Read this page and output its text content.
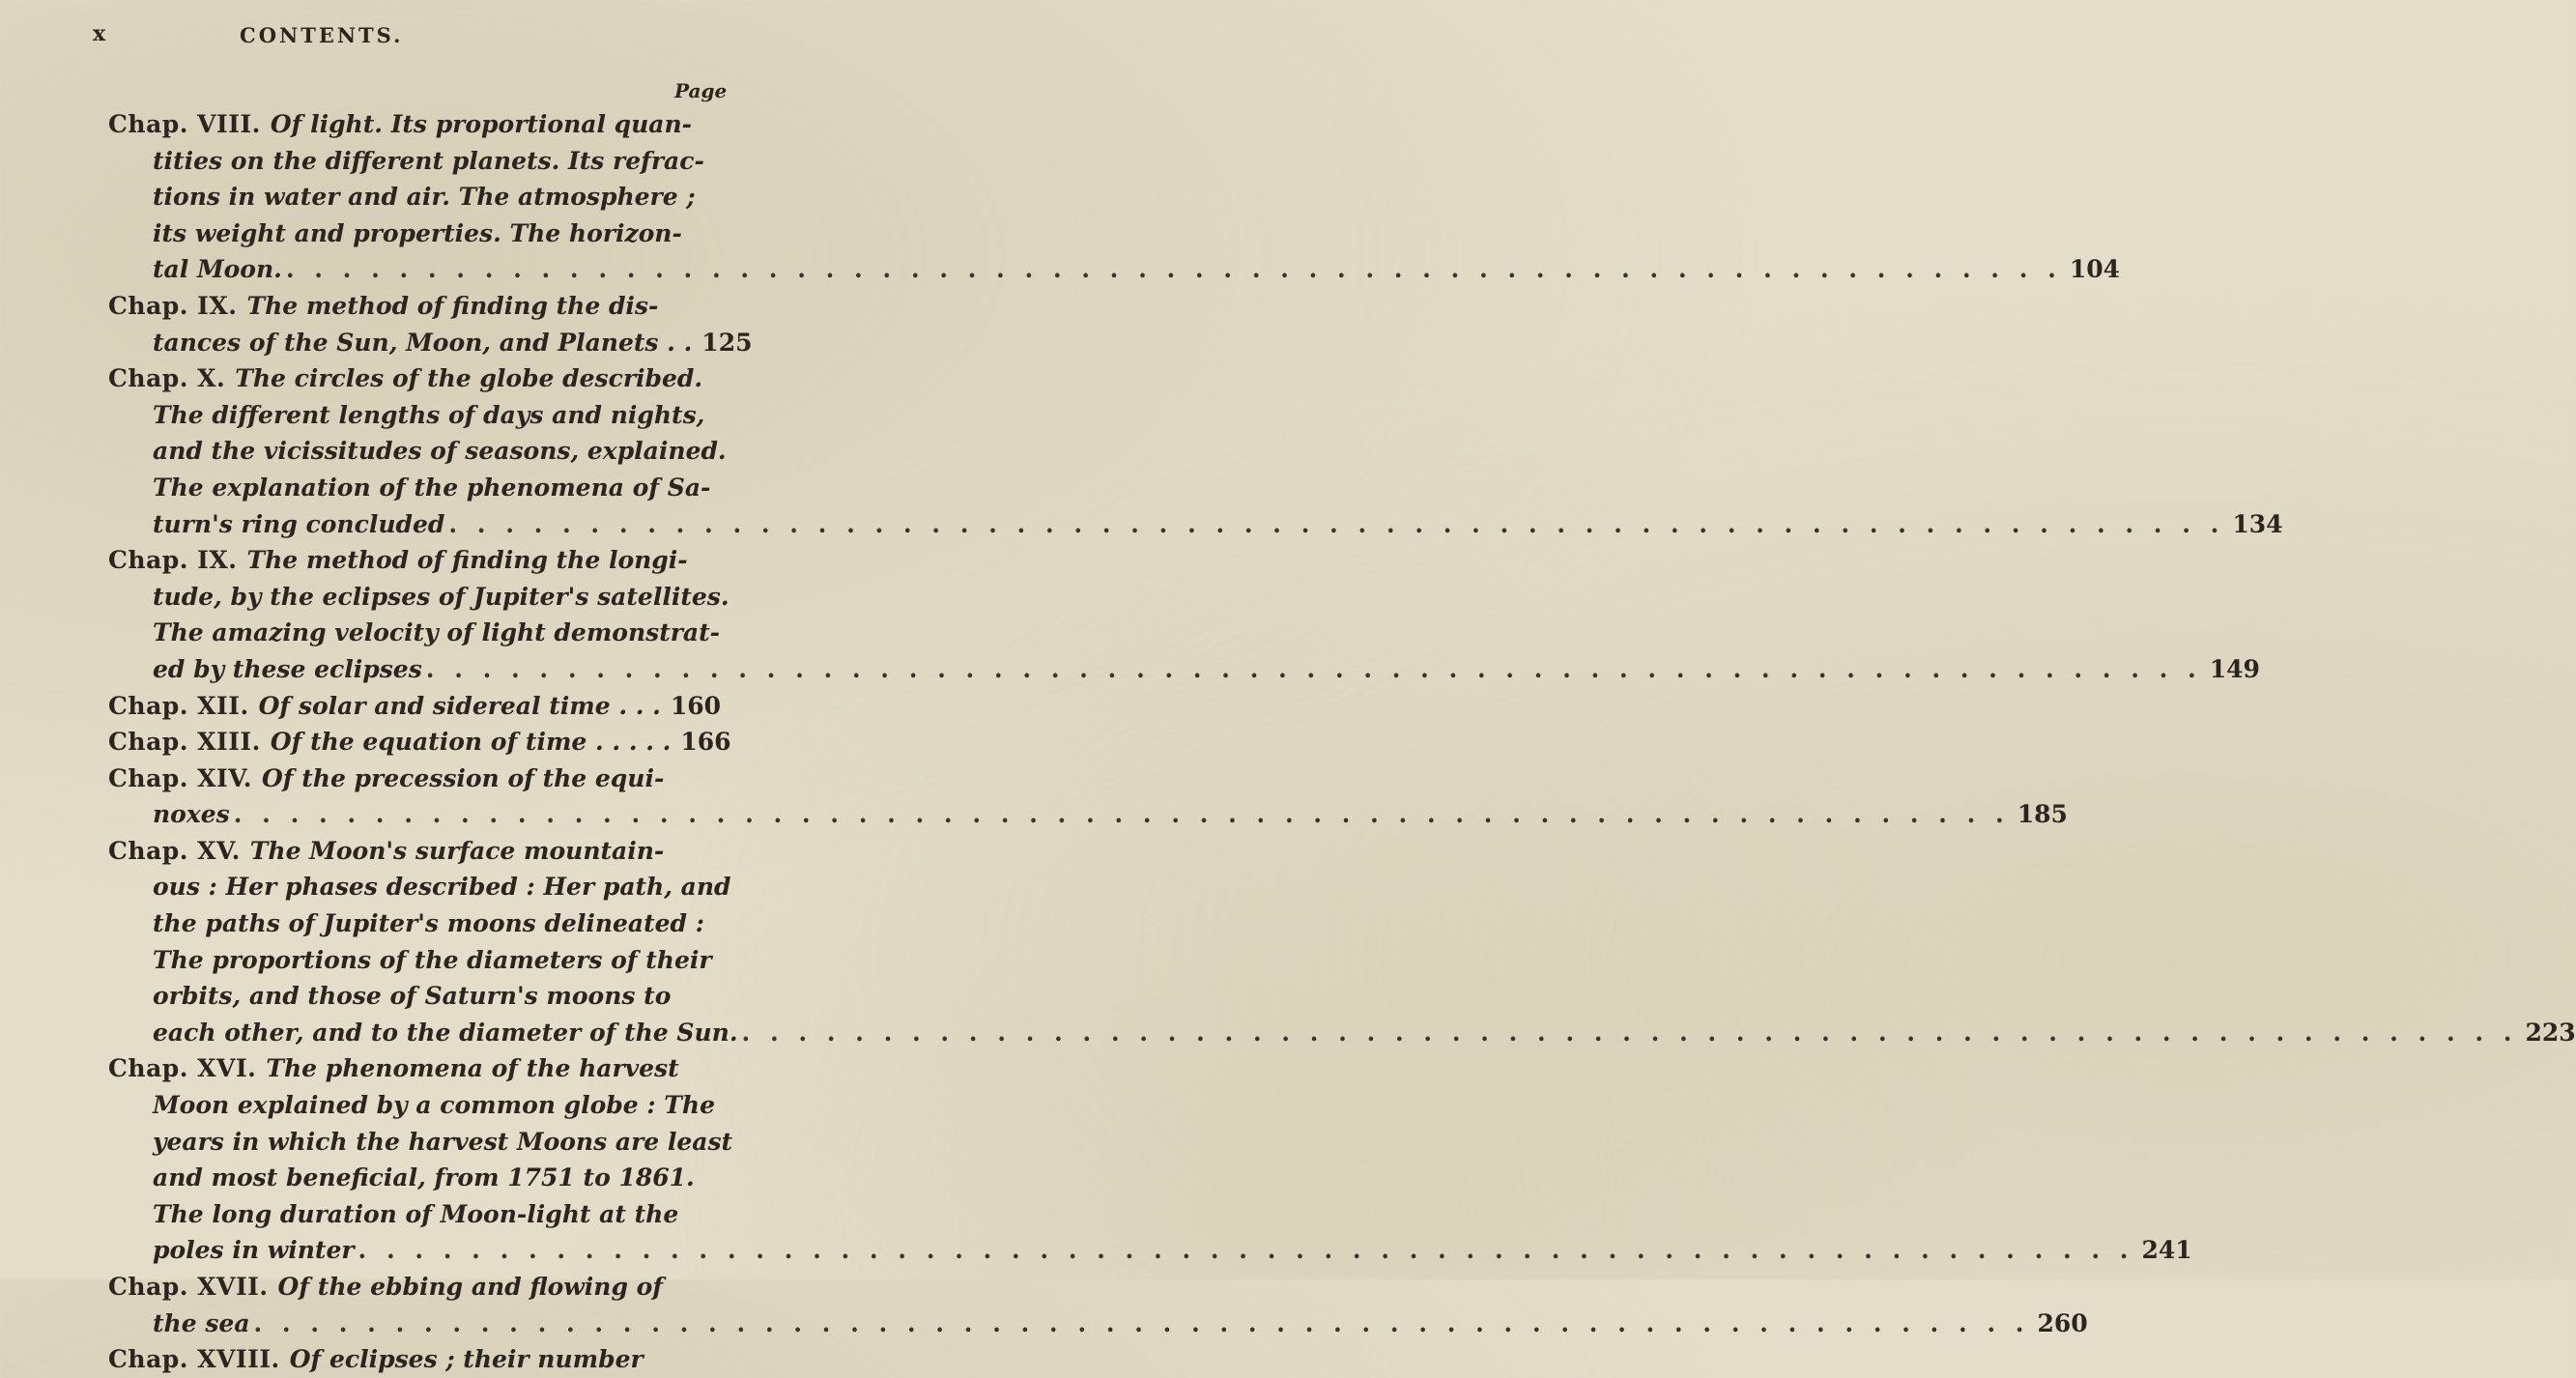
x	CONTENTS.
Page
Chap. VIII. Of light. Its proportional quan-
tities on the different planets. Its refrac-
tions in water and air. The atmosphere ;
its weight and properties. The horizon-
tal Moon. . . .	104
Chap. IX. The method of finding the dis-
tances of the Sun, Moon, and Planets . . 125
Chap. X. The circles of the globe described.
The different lengths of days and nights,
and the vicissitudes of seasons, explained.
The explanation of the phenomena of Sa-
turn's ring concluded . . .	134
Chap. IX. The method of finding the longi-
tude, by the eclipses of Jupiter's satellites.
The amazing velocity of light demonstrat-
ed by these eclipses . . .	149
Chap. XII. Of solar and sidereal time . . . 160
Chap. XIII. Of the equation of time . . . . . 166
Chap. XIV. Of the precession of the equi-
noxes . . .	185
Chap. XV. The Moon's surface mountain-
ous : Her phases described : Her path, and
the paths of Jupiter's moons delineated :
The proportions of the diameters of their
orbits, and those of Saturn's moons to
each other, and to the diameter of the Sun. . . .	223
Chap. XVI. The phenomena of the harvest
Moon explained by a common globe : The
years in which the harvest Moons are least
and most beneficial, from 1751 to 1861.
The long duration of Moon-light at the
poles in winter . . .	241
Chap. XVII. Of the ebbing and flowing of
the sea . . .	260
Chap. XVIII. Of eclipses ; their number
